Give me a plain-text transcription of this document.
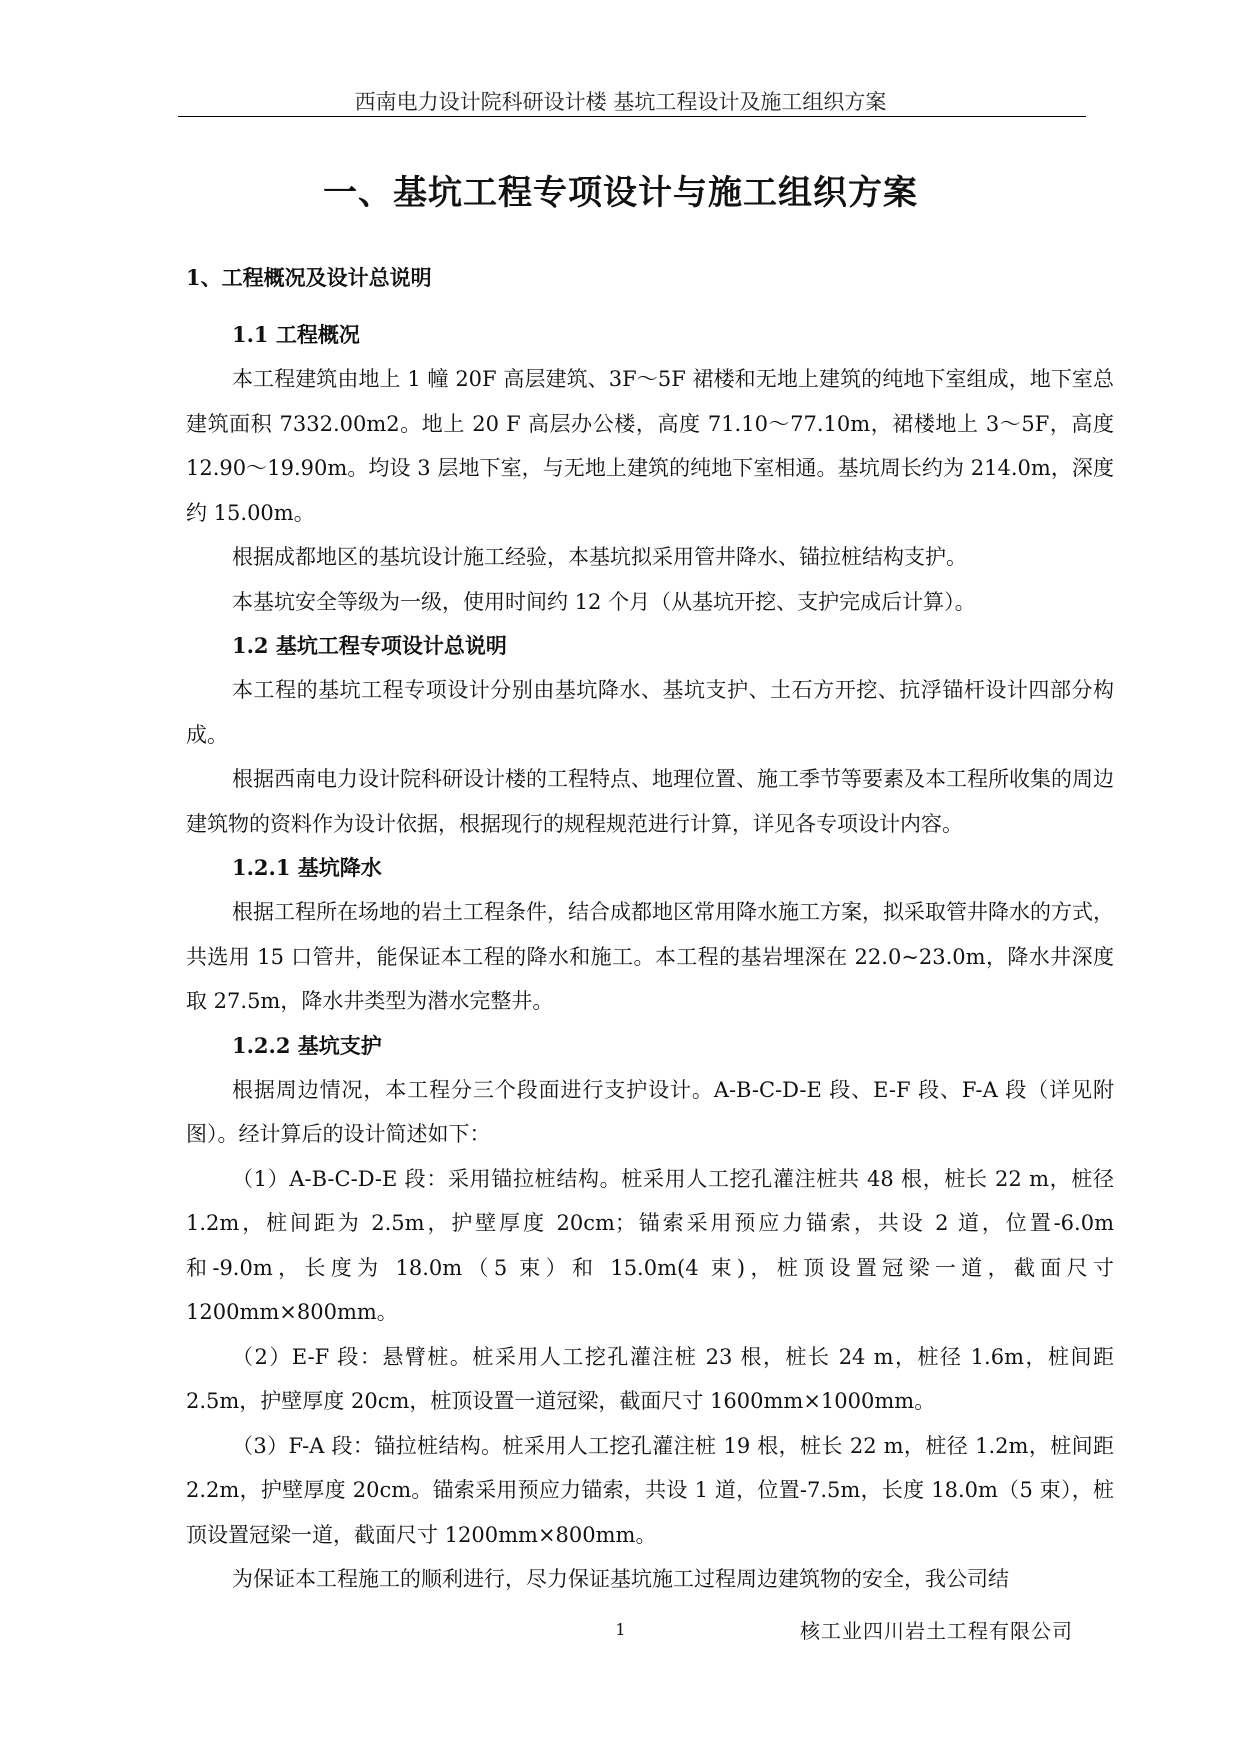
西南电力设计院科研设计楼 基坑工程设计及施工组织方案
一、基坑工程专项设计与施工组织方案
1、工程概况及设计总说明
1.1 工程概况

本工程建筑由地上 1 幢 20F 高层建筑、3F～5F 裙楼和无地上建筑的纯地下室组成，地下室总建筑面积 7332.00m2。地上 20 F 高层办公楼，高度 71.10～77.10m，裙楼地上 3～5F，高度 12.90～19.90m。均设 3 层地下室，与无地上建筑的纯地下室相通。基坑周长约为 214.0m，深度约 15.00m。

根据成都地区的基坑设计施工经验，本基坑拟采用管井降水、锚拉桩结构支护。

本基坑安全等级为一级，使用时间约 12 个月（从基坑开挖、支护完成后计算）。

1.2 基坑工程专项设计总说明

本工程的基坑工程专项设计分别由基坑降水、基坑支护、土石方开挖、抗浮锚杆设计四部分构成。

根据西南电力设计院科研设计楼的工程特点、地理位置、施工季节等要素及本工程所收集的周边建筑物的资料作为设计依据，根据现行的规程规范进行计算，详见各专项设计内容。

1.2.1 基坑降水

根据工程所在场地的岩土工程条件，结合成都地区常用降水施工方案，拟采取管井降水的方式，共选用 15 口管井，能保证本工程的降水和施工。本工程的基岩埋深在 22.0~23.0m，降水井深度取 27.5m，降水井类型为潜水完整井。

1.2.2 基坑支护

根据周边情况，本工程分三个段面进行支护设计。A-B-C-D-E 段、E-F 段、F-A 段（详见附图）。经计算后的设计简述如下：

（1）A-B-C-D-E 段：采用锚拉桩结构。桩采用人工挖孔灌注桩共 48 根，桩长 22 m，桩径 1.2m，桩间距为 2.5m，护壁厚度 20cm；锚索采用预应力锚索，共设 2 道，位置-6.0m 和-9.0m，长度为 18.0m（5 束）和 15.0m(4 束)，桩顶设置冠梁一道，截面尺寸 1200mm×800mm。

（2）E-F 段：悬臂桩。桩采用人工挖孔灌注桩 23 根，桩长 24 m，桩径 1.6m，桩间距 2.5m，护壁厚度 20cm，桩顶设置一道冠梁，截面尺寸 1600mm×1000mm。

（3）F-A 段：锚拉桩结构。桩采用人工挖孔灌注桩 19 根，桩长 22 m，桩径 1.2m，桩间距 2.2m，护壁厚度 20cm。锚索采用预应力锚索，共设 1 道，位置-7.5m，长度 18.0m（5 束），桩顶设置冠梁一道，截面尺寸 1200mm×800mm。

为保证本工程施工的顺利进行，尽力保证基坑施工过程周边建筑物的安全，我公司结

1	核工业四川岩土工程有限公司
